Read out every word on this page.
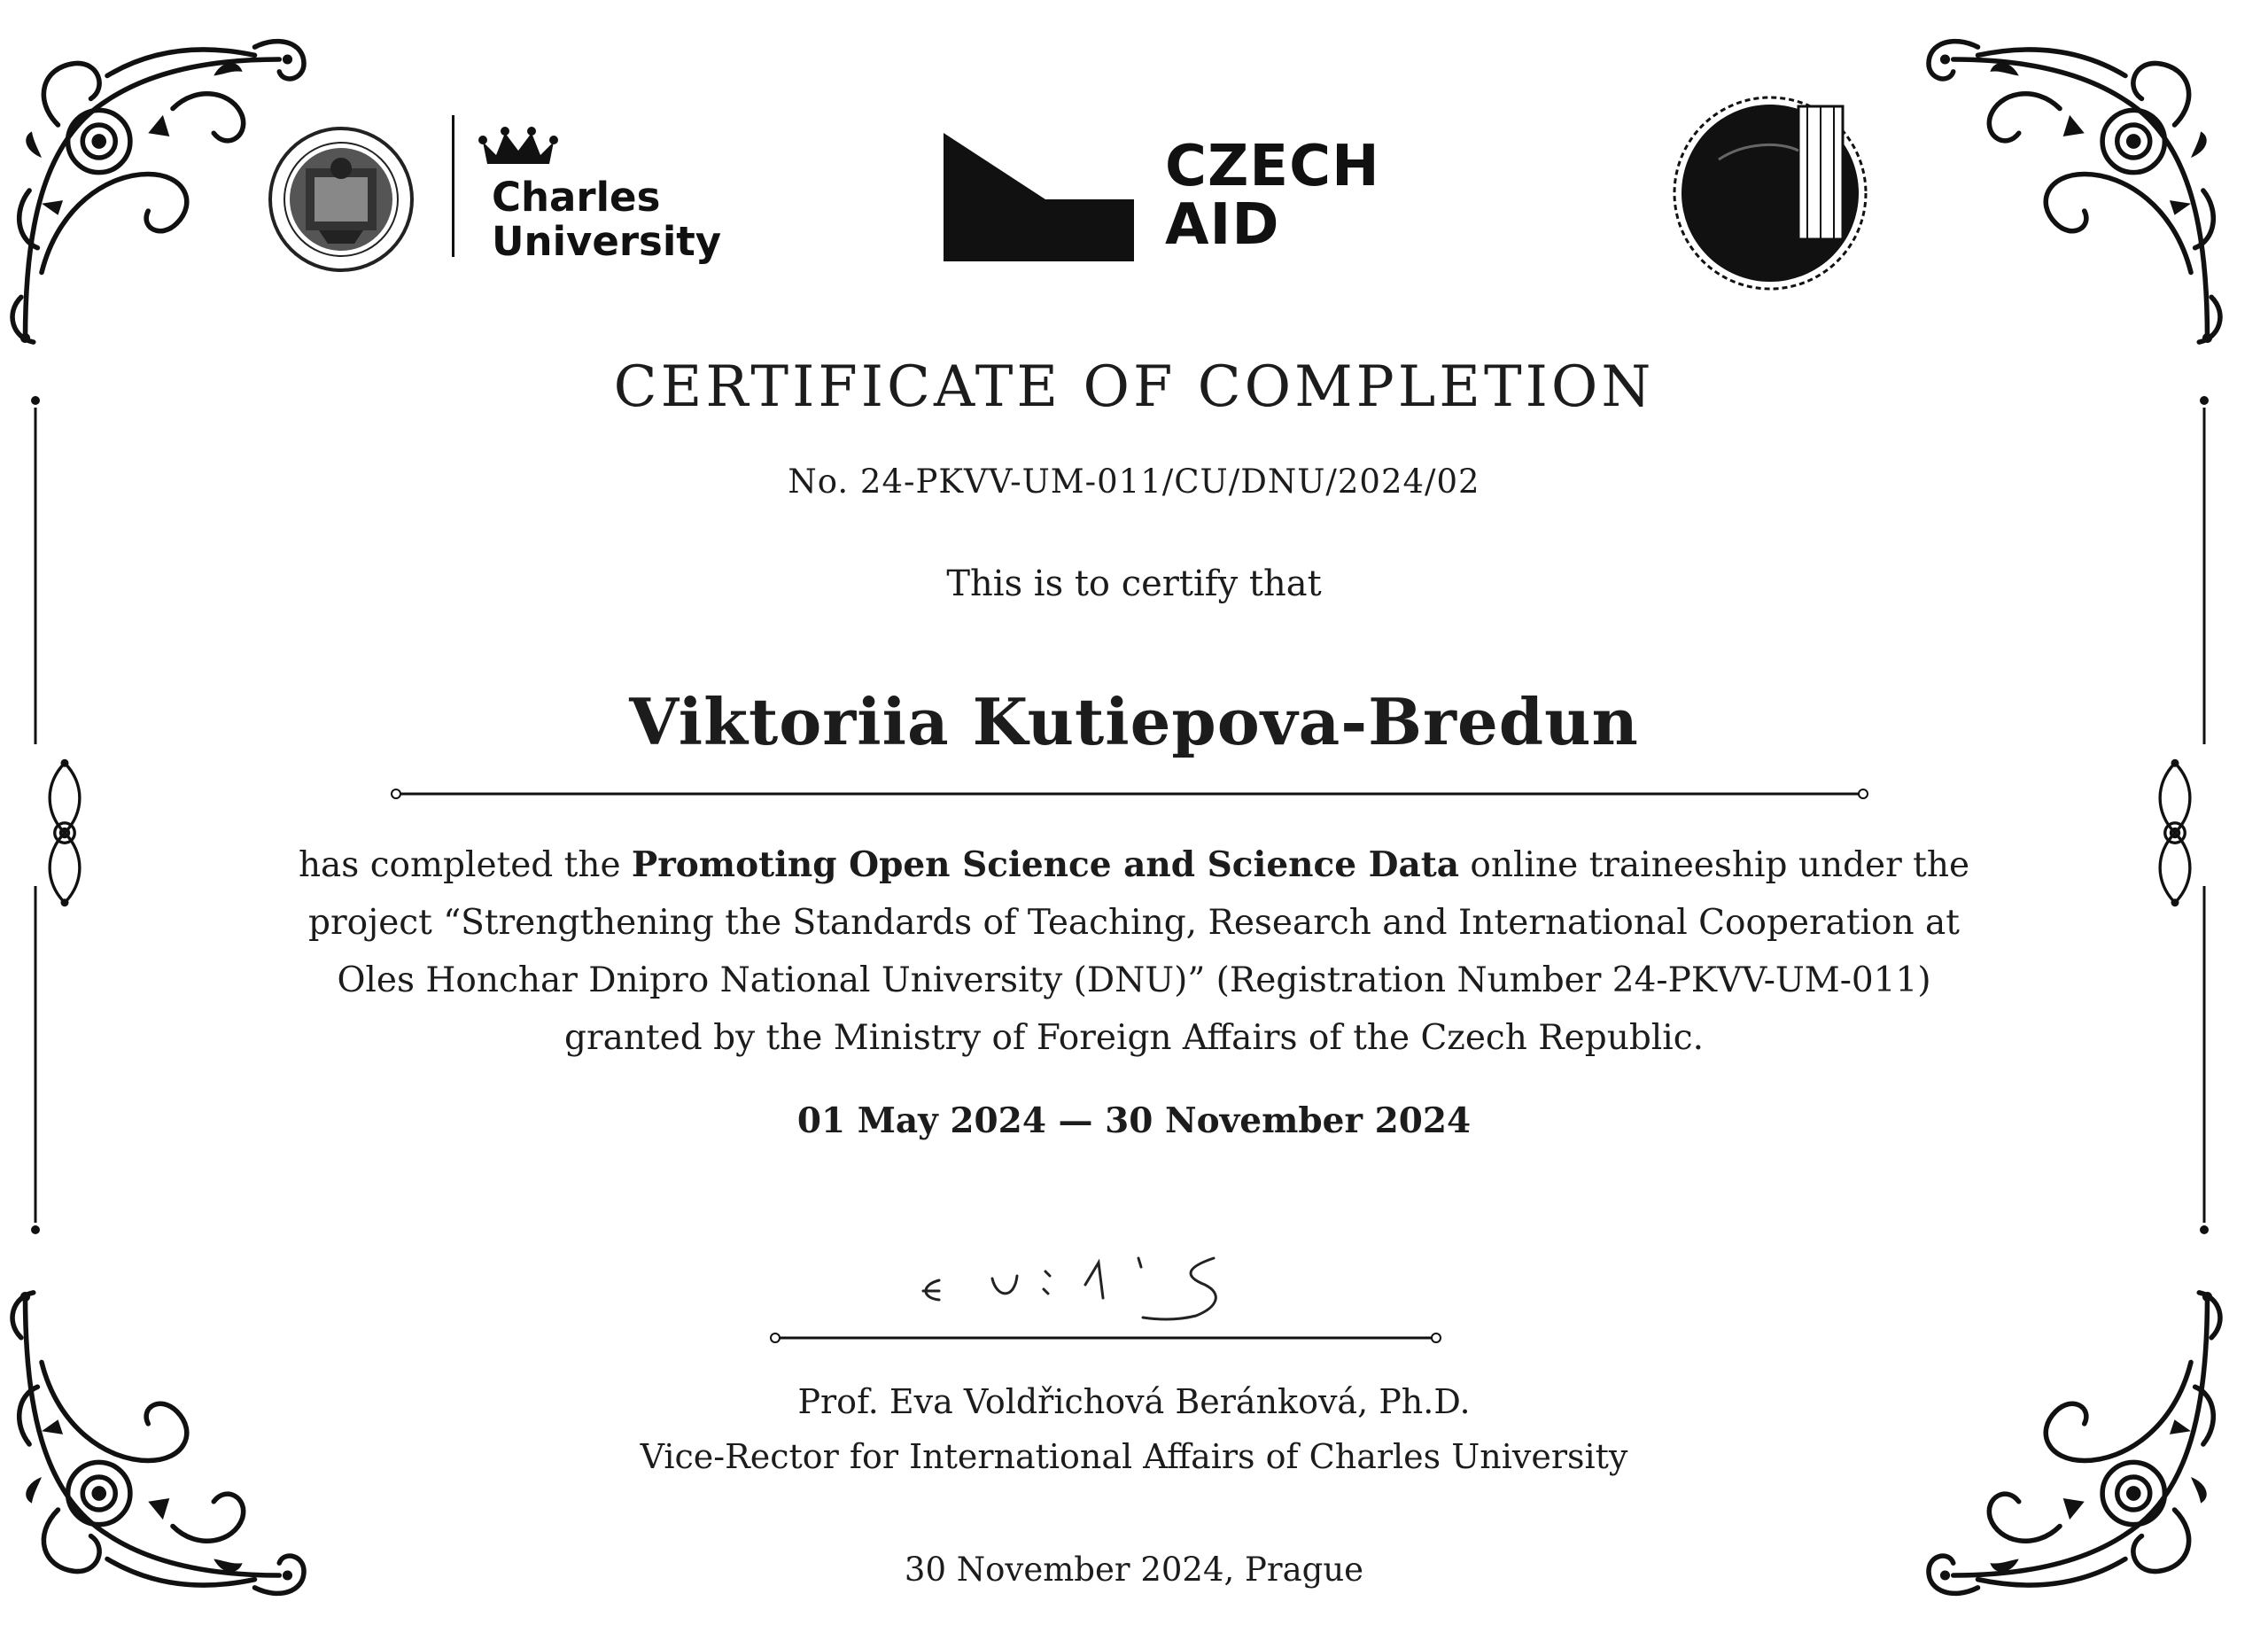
Charles
University
CZECH
AID
CERTIFICATE OF COMPLETION
No. 24-PKVV-UM-011/CU/DNU/2024/02
This is to certify that
Viktoriia Kutiepova-Bredun
has completed the Promoting Open Science and Science Data online traineeship under the project “Strengthening the Standards of Teaching, Research and International Cooperation at Oles Honchar Dnipro National University (DNU)” (Registration Number 24-PKVV-UM-011) granted by the Ministry of Foreign Affairs of the Czech Republic.
01 May 2024 — 30 November 2024
Prof. Eva Voldřichová Beránková, Ph.D.
Vice-Rector for International Affairs of Charles University
30 November 2024, Prague
